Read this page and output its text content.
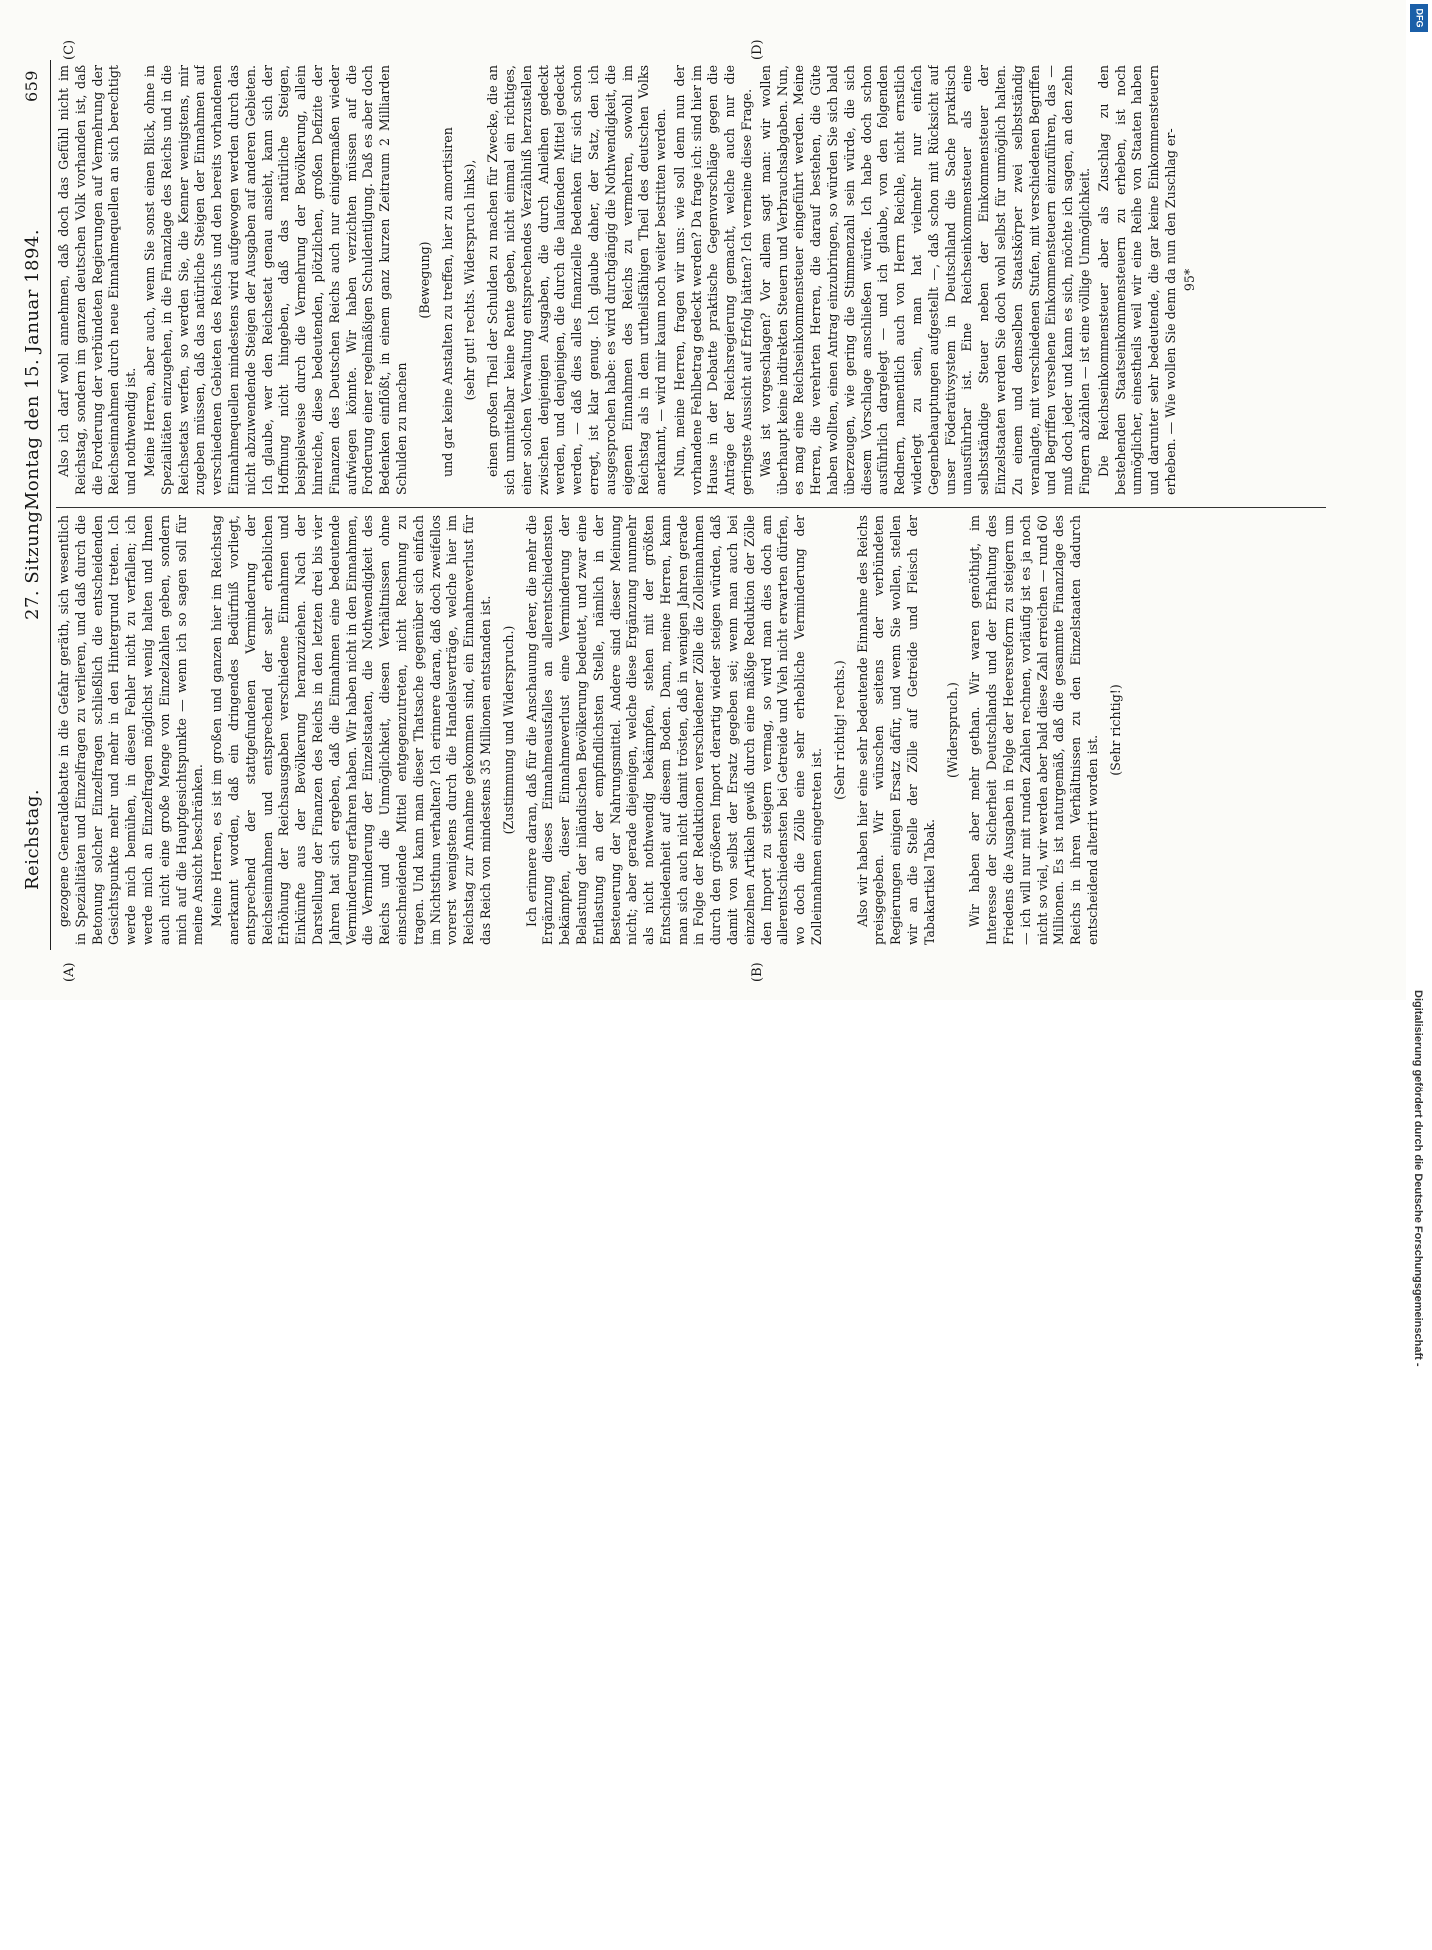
Reichstag.
27. Sitzung.
Montag den 15. Januar 1894.
659
(A)	(B)
(C)	(D)

gezogene Generaldebatte in die Gefahr geräth, sich wesentlich in Spezialitäten und Einzelfragen zu verlieren, und daß durch die Betonung solcher Einzelfragen schließlich die entscheidenden Gesichtspunkte mehr und mehr in den Hintergrund treten. Ich werde mich bemühen, in diesen Fehler nicht zu verfallen; ich werde mich an Einzelfragen möglichst wenig halten und Ihnen auch nicht eine große Menge von Einzelzahlen geben, sondern mich auf die Hauptgesichtspunkte — wenn ich so sagen soll für meine Ansicht beschränken. Meine Herren, es ist im großen und ganzen hier im Reichstag anerkannt worden, daß ein dringendes Bedürfniß vorliegt, entsprechend der stattgefundenen Verminderung der Reichseinnahmen und entsprechend der sehr erheblichen Erhöhung der Reichsausgaben verschiedene Einnahmen und Einkünfte aus der Bevölkerung heranzuziehen. Nach der Darstellung der Finanzen des Reichs in den letzten drei bis vier Jahren hat sich ergeben, daß die Einnahmen eine bedeutende Verminderung erfahren haben. Wir haben nicht in den Einnahmen, die Verminderung der Einzelstaaten, die Nothwendigkeit des Reichs und die Unmöglichkeit, diesen Verhältnissen ohne einschneidende Mittel entgegenzutreten, nicht Rechnung zu tragen. Und kann man dieser Thatsache gegenüber sich einfach im Nichtsthun verhalten? Ich erinnere daran, daß doch zweifellos vorerst wenigstens durch die Handelsverträge, welche hier im Reichstag zur Annahme gekommen sind, ein Einnahmeverlust für das Reich von mindestens 35 Millionen entstanden ist. (Zustimmung und Widerspruch.) Ich erinnere daran, daß für die Anschauung derer, die mehr die Ergänzung dieses Einnahmeausfalles an allerentschiedensten bekämpfen, dieser Einnahmeverlust eine Verminderung der Belastung der inländischen Bevölkerung bedeutet, und zwar eine Entlastung an der empfindlichsten Stelle, nämlich in der Besteuerung der Nahrungsmittel. Andere sind dieser Meinung nicht; aber gerade diejenigen, welche diese Ergänzung nunmehr als nicht nothwendig bekämpfen, stehen mit der größten Entschiedenheit auf diesem Boden. Dann, meine Herren, kann man sich auch nicht damit trösten, daß in wenigen Jahren gerade in Folge der Reduktionen verschiedener Zölle die Zolleinnahmen durch den größeren Import derartig wieder steigen würden, daß damit von selbst der Ersatz gegeben sei; wenn man auch bei einzelnen Artikeln gewiß durch eine mäßige Reduktion der Zölle den Import zu steigern vermag, so wird man dies doch am allerentschiedensten bei Getreide und Vieh nicht erwarten dürfen, wo doch die Zölle eine sehr erhebliche Verminderung der Zolleinnahmen eingetreten ist.

(Sehr richtig! rechts.) Also wir haben hier eine sehr bedeutende Einnahme des Reichs preisgegeben. Wir wünschen seitens der verbündeten Regierungen einigen Ersatz dafür, und wenn Sie wollen, stellen wir an die Stelle der Zölle auf Getreide und Fleisch der Tabakartikel Tabak.

(Widerspruch.) Wir haben aber mehr gethan. Wir waren genöthigt, im Interesse der Sicherheit Deutschlands und der Erhaltung des Friedens die Ausgaben in Folge der Heeresreform zu steigern um — ich will nur mit runden Zahlen rechnen, vorläufig ist es ja noch nicht so viel, wir werden aber bald diese Zahl erreichen — rund 60 Millionen. Es ist naturgemäß, daß die gesammte Finanzlage des Reichs in ihren Verhältnissen zu den Einzelstaaten dadurch entscheidend alterirt worden ist.

(Sehr richtig!)

Also ich darf wohl annehmen, daß doch das Gefühl nicht im Reichstag, sondern im ganzen deutschen Volk vorhanden ist, daß die Forderung der verbündeten Regierungen auf Vermehrung der Reichseinnahmen durch neue Einnahmequellen an sich berechtigt und nothwendig ist. Meine Herren, aber auch, wenn Sie sonst einen Blick, ohne in Spezialitäten einzugehen, in die Finanzlage des Reichs und in die Reichsetats werfen, so werden Sie, die Kenner wenigstens, mir zugeben müssen, daß das natürliche Steigen der Einnahmen auf verschiedenen Gebieten des Reichs und den bereits vorhandenen Einnahmequellen mindestens wird aufgewogen werden durch das nicht abzuwendende Steigen der Ausgaben auf anderen Gebieten. Ich glaube, wer den Reichsetat genau ansieht, kann sich der Hoffnung nicht hingeben, daß das natürliche Steigen, beispielsweise durch die Vermehrung der Bevölkerung, allein hinreiche, diese bedeutenden, plötzlichen, großen Defizite der Finanzen des Deutschen Reichs auch nur einigermaßen wieder aufwiegen könnte. Wir haben verzichten müssen auf die Forderung einer regelmäßigen Schuldentilgung. Daß es aber doch Bedenken einflößt, in einem ganz kurzen Zeitraum 2 Milliarden Schulden zu machen

(Bewegung) und gar keine Anstalten zu treffen, hier zu amortisiren (sehr gut! rechts. Widerspruch links), einen großen Theil der Schulden zu machen für Zwecke, die an sich unmittelbar keine Rente geben, nicht einmal ein richtiges, einer solchen Verwaltung entsprechendes Verzählniß herzustellen zwischen denjenigen Ausgaben, die durch Anleihen gedeckt werden, und denjenigen, die durch die laufenden Mittel gedeckt werden, — daß dies alles finanzielle Bedenken für sich schon erregt, ist klar genug. Ich glaube daher, der Satz, den ich ausgesprochen habe: es wird durchgängig die Nothwendigkeit, die eigenen Einnahmen des Reichs zu vermehren, sowohl im Reichstag als in dem urtheilsfähigen Theil des deutschen Volks anerkannt, — wird mir kaum noch weiter bestritten werden. Nun, meine Herren, fragen wir uns: wie soll denn nun der vorhandene Fehlbetrag gedeckt werden? Da frage ich: sind hier im Hause in der Debatte praktische Gegenvorschläge gegen die Anträge der Reichsregierung gemacht, welche auch nur die geringste Aussicht auf Erfolg hätten? Ich verneine diese Frage. Was ist vorgeschlagen? Vor allem sagt man: wir wollen überhaupt keine indirekten Steuern und Verbrauchsabgaben. Nun, es mag eine Reichseinkommensteuer eingeführt werden. Meine Herren, die verehrten Herren, die darauf bestehen, die Güte haben wollten, einen Antrag einzubringen, so würden Sie sich bald überzeugen, wie gering die Stimmenzahl sein würde, die sich diesem Vorschlage anschließen würde. Ich habe doch schon ausführlich dargelegt — und ich glaube, von den folgenden Rednern, namentlich auch von Herrn Reichle, nicht ernstlich widerlegt zu sein, man hat vielmehr nur einfach Gegenbehauptungen aufgestellt —, daß schon mit Rücksicht auf unser Föderativsystem in Deutschland die Sache praktisch unausführbar ist. Eine Reichseinkommensteuer als eine selbstständige Steuer neben der Einkommensteuer der Einzelstaaten werden Sie doch wohl selbst für unmöglich halten. Zu einem und demselben Staatskörper zwei selbstständig veranlagte, mit verschiedenen Stufen, mit verschiedenen Begriffen und Begriffen versehene Einkommensteuern einzuführen, das — muß doch jeder und kann es sich, möchte ich sagen, an den zehn Fingern abzählen — ist eine völlige Unmöglichkeit. Die Reichseinkommensteuer aber als Zuschlag zu den bestehenden Staatseinkommensteuern zu erheben, ist noch unmöglicher, einestheils weil wir eine Reihe von Staaten haben und darunter sehr bedeutende, die gar keine Einkommensteuern erheben. — Wie wollen Sie denn da nun den Zuschlag er- 95*

DFG
Digitalisierung gefördert durch die Deutsche Forschungsgemeinschaft -
